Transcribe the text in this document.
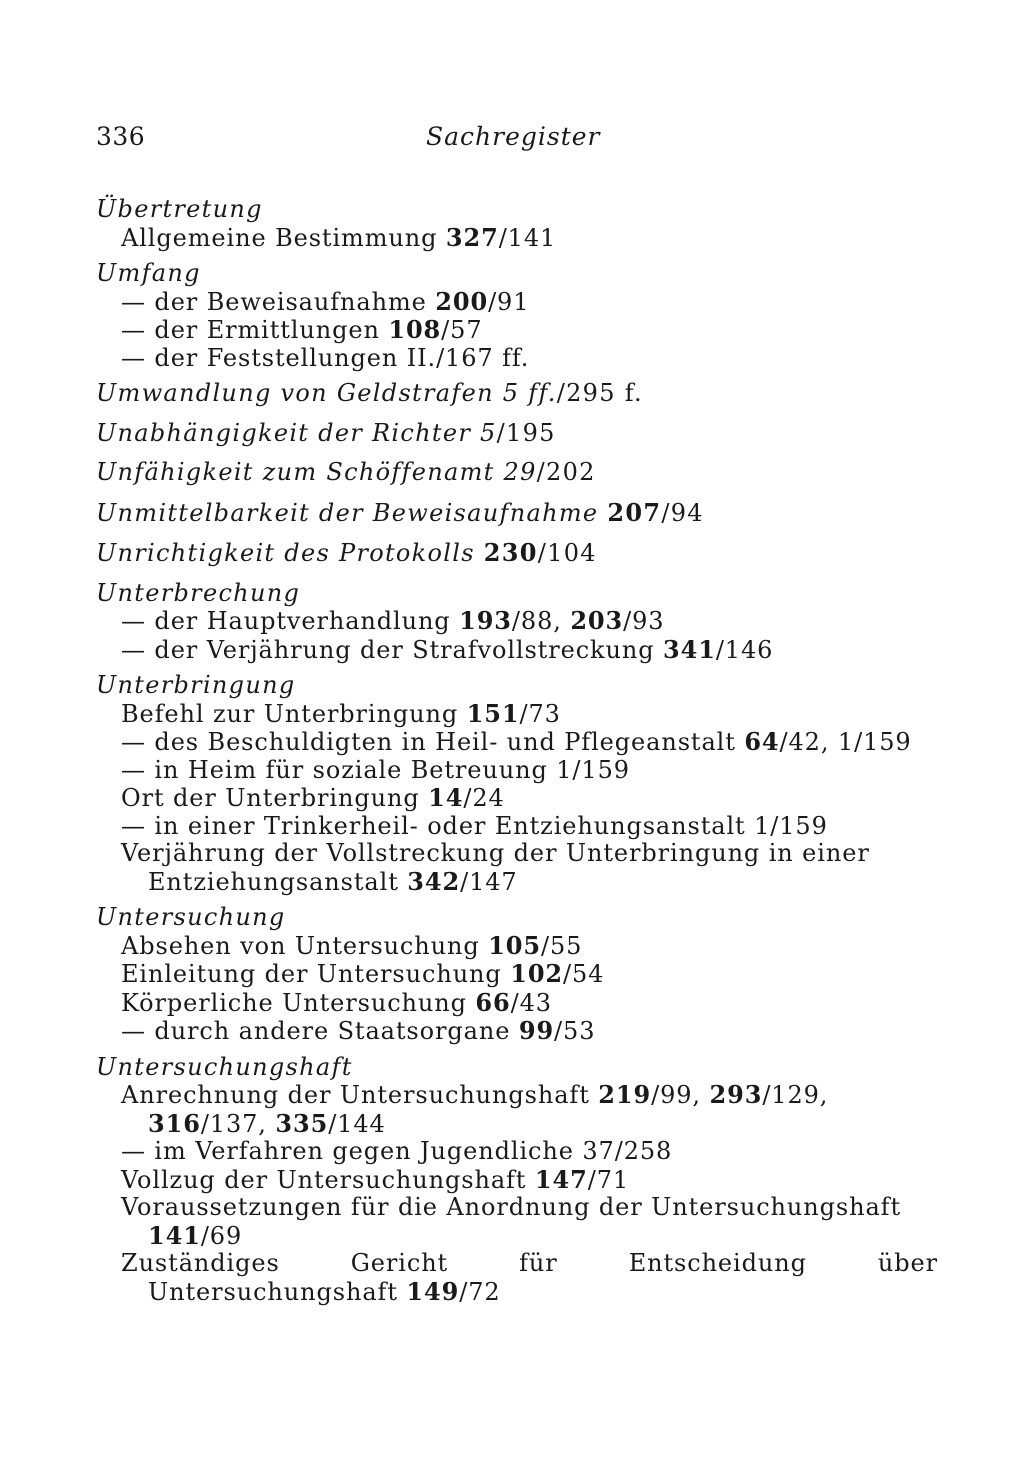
336	Sachregister
Übertretung
Allgemeine Bestimmung 327/141
Umfang
— der Beweisaufnahme 200/91
— der Ermittlungen 108/57
— der Feststellungen II./167 ff.
Umwandlung von Geldstrafen 5 ff./295 f.
Unabhängigkeit der Richter 5/195
Unfähigkeit zum Schöffenamt 29/202
Unmittelbarkeit der Beweisaufnahme 207/94
Unrichtigkeit des Protokolls 230/104
Unterbrechung
— der Hauptverhandlung 193/88, 203/93
— der Verjährung der Strafvollstreckung 341/146
Unterbringung
Befehl zur Unterbringung 151/73
— des Beschuldigten in Heil- und Pflegeanstalt 64/42, 1/159
— in Heim für soziale Betreuung 1/159
Ort der Unterbringung 14/24
— in einer Trinkerheil- oder Entziehungsanstalt 1/159
Verjährung der Vollstreckung der Unterbringung in einer Entziehungsanstalt 342/147
Untersuchung
Absehen von Untersuchung 105/55
Einleitung der Untersuchung 102/54
Körperliche Untersuchung 66/43
— durch andere Staatsorgane 99/53
Untersuchungshaft
Anrechnung der Untersuchungshaft 219/99, 293/129, 316/137, 335/144
— im Verfahren gegen Jugendliche 37/258
Vollzug der Untersuchungshaft 147/71
Voraussetzungen für die Anordnung der Untersuchungshaft 141/69
Zuständiges Gericht für Entscheidung über Untersuchungshaft 149/72
